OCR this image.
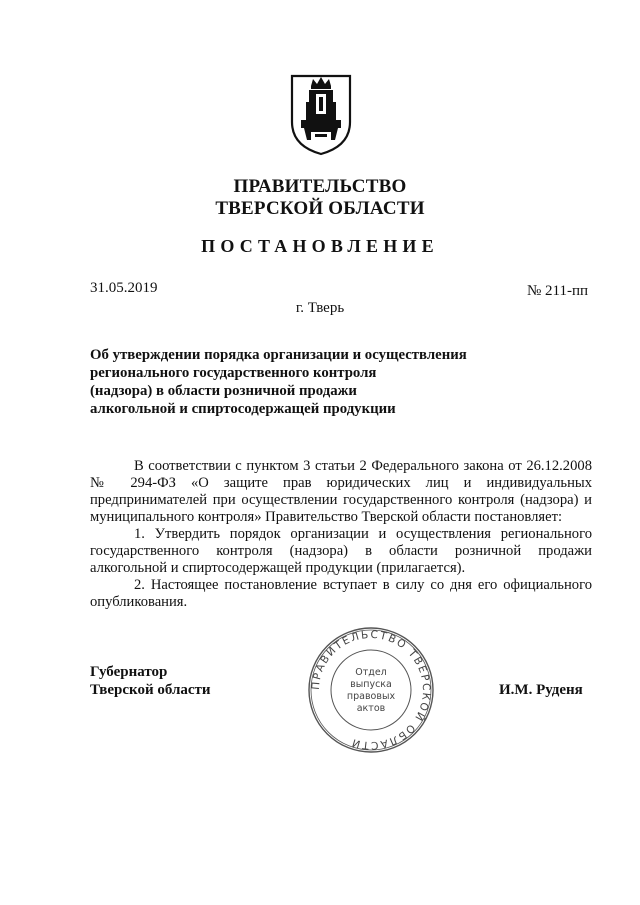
ПРАВИТЕЛЬСТВО
ТВЕРСКОЙ ОБЛАСТИ
ПОСТАНОВЛЕНИЕ
31.05.2019	№ 211-пп
г. Тверь
Об утверждении порядка организации и осуществления
регионального государственного контроля
(надзора) в области розничной продажи
алкогольной и спиртосодержащей продукции

В соответствии с пунктом 3 статьи 2 Федерального закона от 26.12.2008 № 294-ФЗ «О защите прав юридических лиц и индивидуальных предпринимателей при осуществлении государственного контроля (надзора) и муниципального контроля» Правительство Тверской области постановляет:

1. Утвердить порядок организации и осуществления регионального государственного контроля (надзора) в области розничной продажи алкогольной и спиртосодержащей продукции (прилагается).

2. Настоящее постановление вступает в силу со дня его официального опубликования.

Губернатор
Тверской области	И.М. Руденя
ПРАВИТЕЛЬСТВО ТВЕРСКОЙ ОБЛАСТИ
Отдел
выпуска
правовых
актов
